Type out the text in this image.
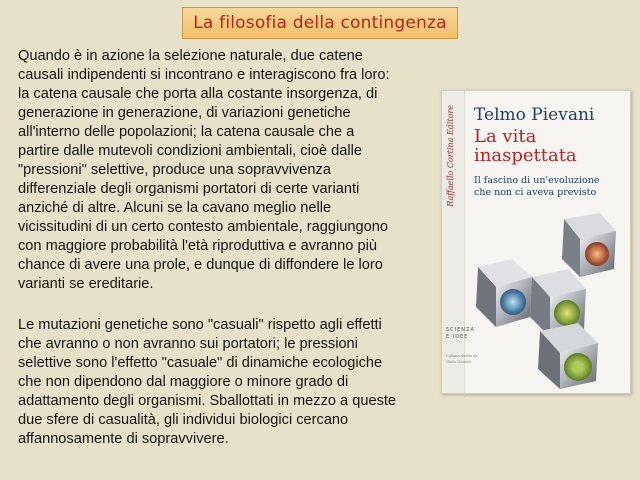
La filosofia della contingenza

Quando è in azione la selezione naturale, due catene
causali indipendenti si incontrano e interagiscono fra loro:
la catena causale che porta alla costante insorgenza, di
generazione in generazione, di variazioni genetiche
all'interno delle popolazioni; la catena causale che a
partire dalle mutevoli condizioni ambientali, cioè dalle
"pressioni" selettive, produce una sopravvivenza
differenziale degli organismi portatori di certe varianti
anziché di altre. Alcuni se la cavano meglio nelle
vicissitudini di un certo contesto ambientale, raggiungono
con maggiore probabilità l'età riproduttiva e avranno più
chance di avere una prole, e dunque di diffondere le loro
varianti se ereditarie.

Le mutazioni genetiche sono "casuali" rispetto agli effetti
che avranno o non avranno sui portatori; le pressioni
selettive sono l'effetto "casuale" di dinamiche ecologiche
che non dipendono dal maggiore o minore grado di
adattamento degli organismi. Sballottati in mezzo a queste
due sfere di casualità, gli individui biologici cercano
affannosamente di sopravvivere.

Raffaello Cortina Editore Telmo Pievani

La vita
inaspettata

Il fascino di un'evoluzione
che non ci aveva previsto
SCIENZA
E IDEE
Collana diretta da
Giulio Giorello
